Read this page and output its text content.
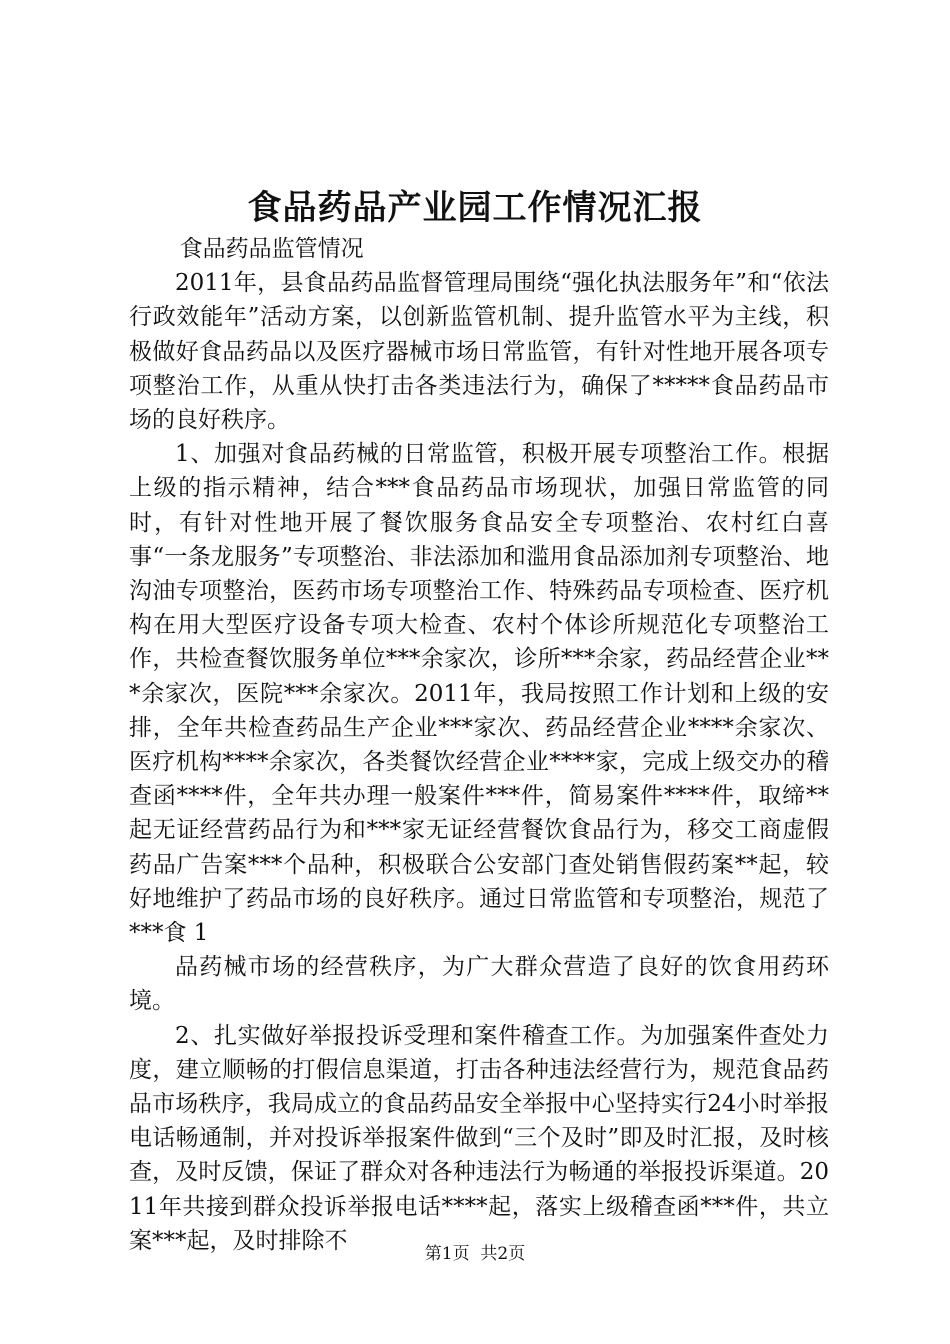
食品药品产业园工作情况汇报

食品药品监管情况

2011年，县食品药品监督管理局围绕“强化执法服务年”和“依法行政效能年”活动方案，以创新监管机制、提升监管水平为主线，积极做好食品药品以及医疗器械市场日常监管，有针对性地开展各项专项整治工作，从重从快打击各类违法行为，确保了*****食品药品市场的良好秩序。

1、加强对食品药械的日常监管，积极开展专项整治工作。根据上级的指示精神，结合***食品药品市场现状，加强日常监管的同时，有针对性地开展了餐饮服务食品安全专项整治、农村红白喜事“一条龙服务”专项整治、非法添加和滥用食品添加剂专项整治、地沟油专项整治，医药市场专项整治工作、特殊药品专项检查、医疗机构在用大型医疗设备专项大检查、农村个体诊所规范化专项整治工作，共检查餐饮服务单位***余家次，诊所***余家，药品经营企业***余家次，医院***余家次。2011年，我局按照工作计划和上级的安排，全年共检查药品生产企业***家次、药品经营企业****余家次、医疗机构****余家次，各类餐饮经营企业****家，完成上级交办的稽查函****件，全年共办理一般案件***件，简易案件****件，取缔**起无证经营药品行为和***家无证经营餐饮食品行为，移交工商虚假药品广告案***个品种，积极联合公安部门查处销售假药案**起，较好地维护了药品市场的良好秩序。通过日常监管和专项整治，规范了***食 1

品药械市场的经营秩序，为广大群众营造了良好的饮食用药环境。

2、扎实做好举报投诉受理和案件稽查工作。为加强案件查处力度，建立顺畅的打假信息渠道，打击各种违法经营行为，规范食品药品市场秩序，我局成立的食品药品安全举报中心坚持实行24小时举报电话畅通制，并对投诉举报案件做到“三个及时”即及时汇报，及时核查，及时反馈，保证了群众对各种违法行为畅通的举报投诉渠道。2011年共接到群众投诉举报电话****起，落实上级稽查函***件，共立案***起，及时排除不

第1页  共2页
